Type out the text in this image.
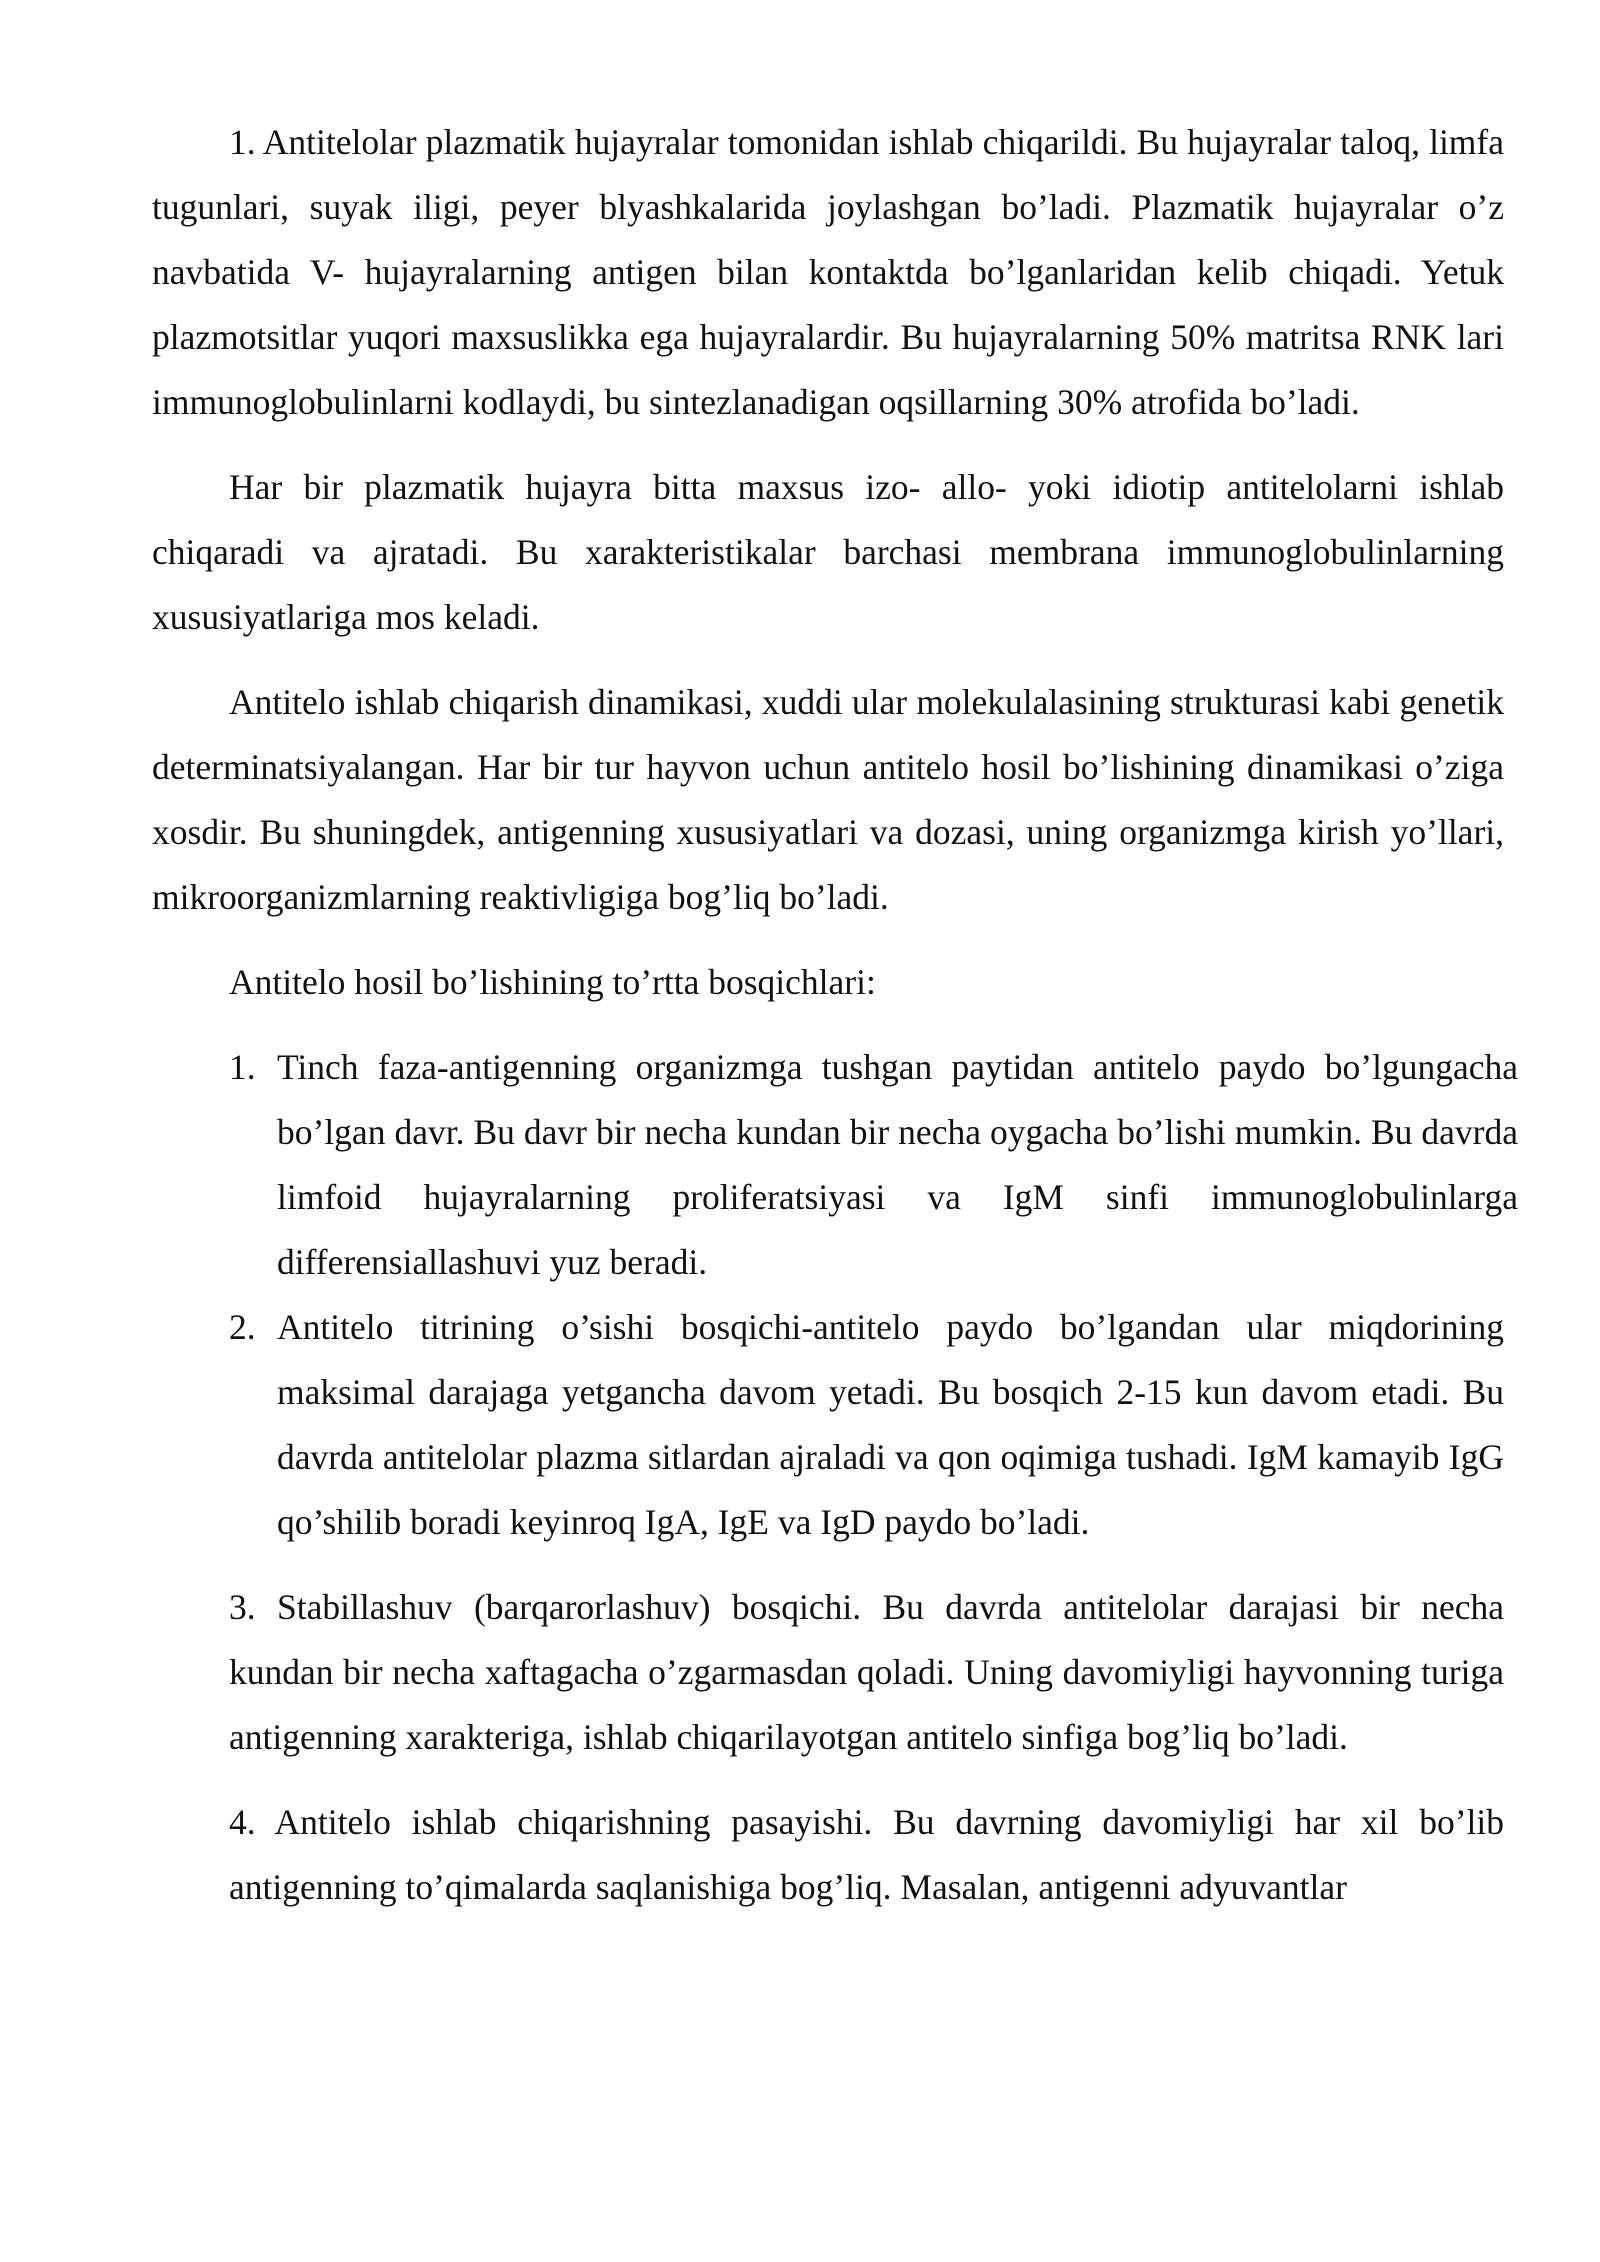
1. Antitelolar plazmatik hujayralar tomonidan ishlab chiqarildi. Bu hujayralar taloq, limfa tugunlari, suyak iligi, peyer blyashkalarida joylashgan bo’ladi. Plazmatik hujayralar o’z navbatida V- hujayralarning antigen bilan kontaktda bo’lganlaridan kelib chiqadi. Yetuk plazmotsitlar yuqori maxsuslikka ega hujayralardir. Bu hujayralarning 50% matritsa RNK lari immunoglobulinlarni kodlaydi, bu sintezlanadigan oqsillarning 30% atrofida bo’ladi.

Har bir plazmatik hujayra bitta maxsus izo- allo- yoki idiotip antitelolarni ishlab chiqaradi va ajratadi. Bu xarakteristikalar barchasi membrana immunoglobulinlarning xususiyatlariga mos keladi.

Antitelo ishlab chiqarish dinamikasi, xuddi ular molekulalasining strukturasi kabi genetik determinatsiyalangan. Har bir tur hayvon uchun antitelo hosil bo’lishining dinamikasi o’ziga xosdir. Bu shuningdek, antigenning xususiyatlari va dozasi, uning organizmga kirish yo’llari, mikroorganizmlarning reaktivligiga bog’liq bo’ladi.

Antitelo hosil bo’lishining to’rtta bosqichlari:
1. Tinch faza-antigenning organizmga tushgan paytidan antitelo paydo bo’lgungacha bo’lgan davr. Bu davr bir necha kundan bir necha oygacha bo’lishi mumkin. Bu davrda limfoid hujayralarning proliferatsiyasi va IgM sinfi immunoglobulinlarga differensiallashuvi yuz beradi.
2. Antitelo titrining o’sishi bosqichi-antitelo paydo bo’lgandan ular miqdorining maksimal darajaga yetgancha davom yetadi. Bu bosqich 2-15 kun davom etadi. Bu davrda antitelolar plazma sitlardan ajraladi va qon oqimiga tushadi. IgM kamayib IgG qo’shilib boradi keyinroq IgA, IgE va IgD paydo bo’ladi.

3. Stabillashuv (barqarorlashuv) bosqichi. Bu davrda antitelolar darajasi bir necha kundan bir necha xaftagacha o’zgarmasdan qoladi. Uning davomiyligi hayvonning turiga antigenning xarakteriga, ishlab chiqarilayotgan antitelo sinfiga bog’liq bo’ladi.

4. Antitelo ishlab chiqarishning pasayishi. Bu davrning davomiyligi har xil bo’lib antigenning to’qimalarda saqlanishiga bog’liq. Masalan, antigenni adyuvantlar
